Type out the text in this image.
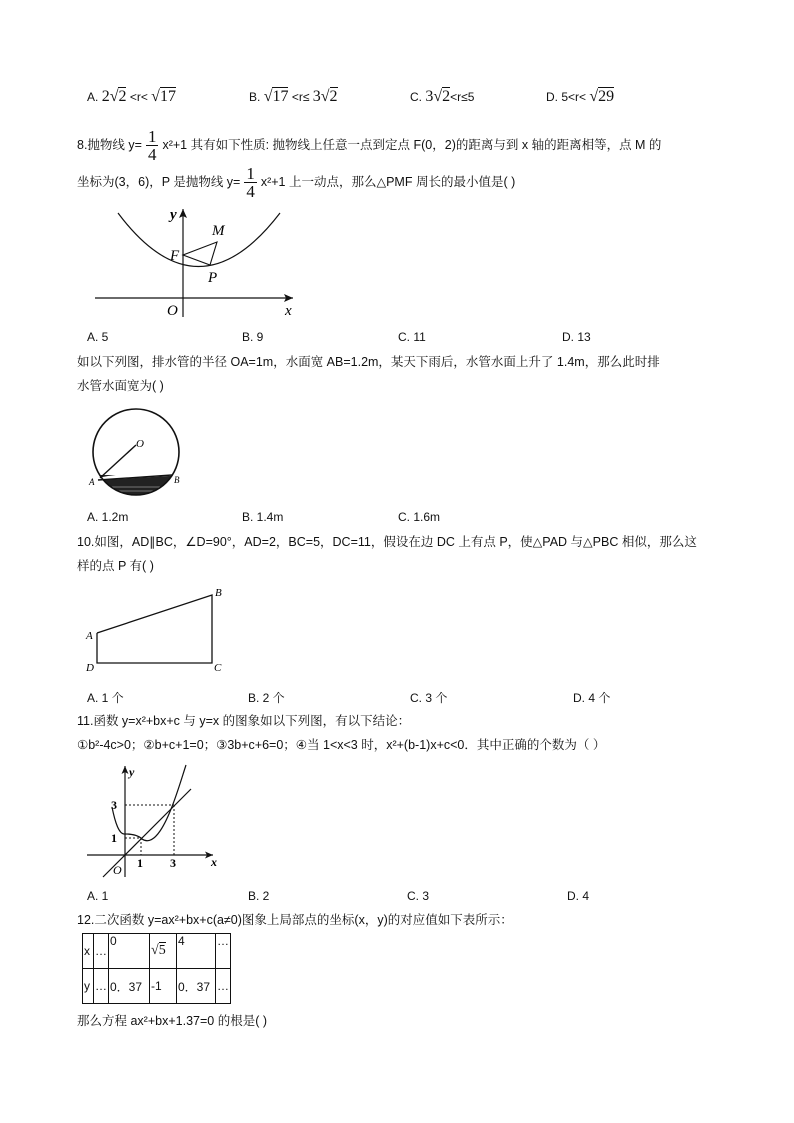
A. 2√2 <r< √17	B. √17 <r≤ 3√2	C. 3√2<r≤5	D. 5<r< √29
8.抛物线 $y= \frac{1}{4} x^2+1$ 其有如下性质: 抛物线上任意一点到定点 F(0，2)的距离与到 x 轴的距离相等，点 M 的
坐标为(3，6)，P 是抛物线 $y= \frac{1}{4} x^2+1$ 上一动点，那么△PMF 周长的最小值是( )
y
x
O
F
M
P
A. 5	B. 9	C. 11	D. 13
如以下列图，排水管的半径 OA=1m，水面宽 AB=1.2m，某天下雨后，水管水面上升了 1.4m，那么此时排
水管水面宽为( )
O
A	B
A. 1.2m	B. 1.4m	C. 1.6m
10.如图，AD∥BC，∠D=90°，AD=2，BC=5，DC=11，假设在边 DC 上有点 P，使△PAD 与△PBC 相似，那么这
样的点 P 有( )
A
B
C
D
A. 1 个	B. 2 个	C. 3 个	D. 4 个
11.函数 y=x²+bx+c 与 y=x 的图象如以下列图，有以下结论：
①b²-4c>0；②b+c+1=0；③3b+c+6=0；④当 1<x<3 时，x²+(b-1)x+c<0．其中正确的个数为（ ）
y
x
O 1 3
1
3
A. 1	B. 2	C. 3	D. 4
12.二次函数 y=ax²+bx+c(a≠0)图象上局部点的坐标(x，y)的对应值如下表所示：
x	…	0	√5	4	…
y	…	0．37	-1	0．37	…
那么方程 ax²+bx+1.37=0 的根是( )
